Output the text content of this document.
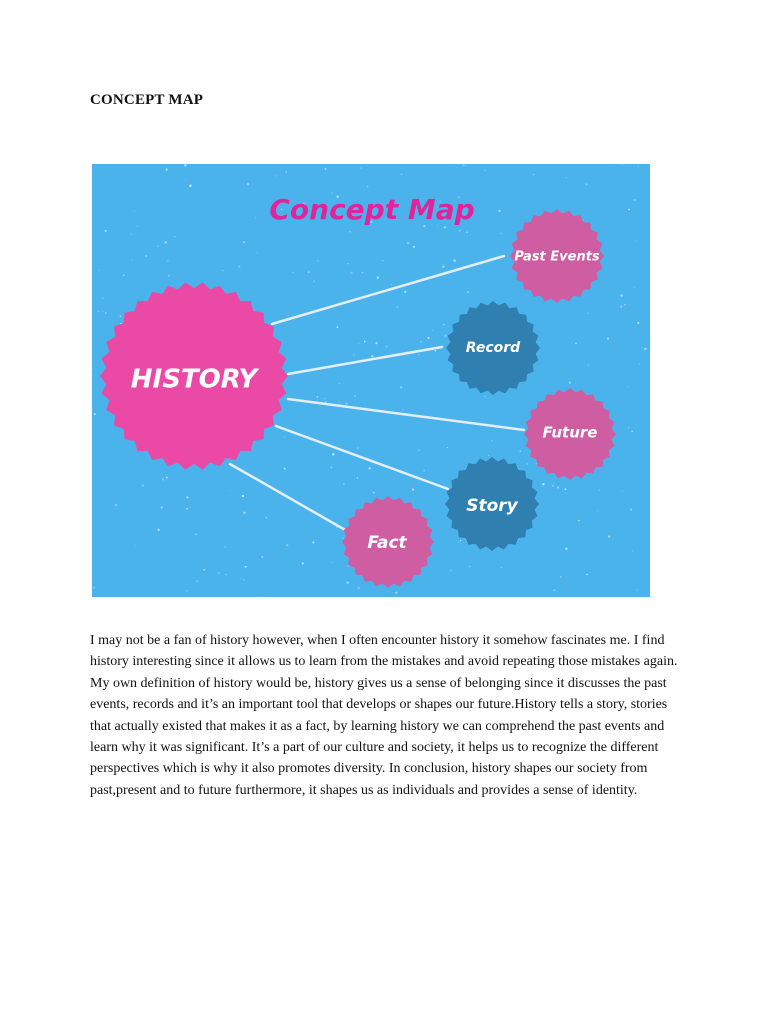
CONCEPT MAP
Concept Map
HISTORY
Past Events
Record
Future
Story
Fact

I may not be a fan of history however, when I often encounter history it somehow fascinates me. I find history interesting since it allows us to learn from the mistakes and avoid repeating those mistakes again. My own definition of history would be, history gives us a sense of belonging since it discusses the past events, records and it’s an important tool that develops or shapes our future.History tells a story, stories that actually existed that makes it as a fact, by learning history we can comprehend the past events and learn why it was significant. It’s a part of our culture and society, it helps us to recognize the different perspectives which is why it also promotes diversity. In conclusion, history shapes our society from past,present and to future furthermore, it shapes us as individuals and provides a sense of identity.
